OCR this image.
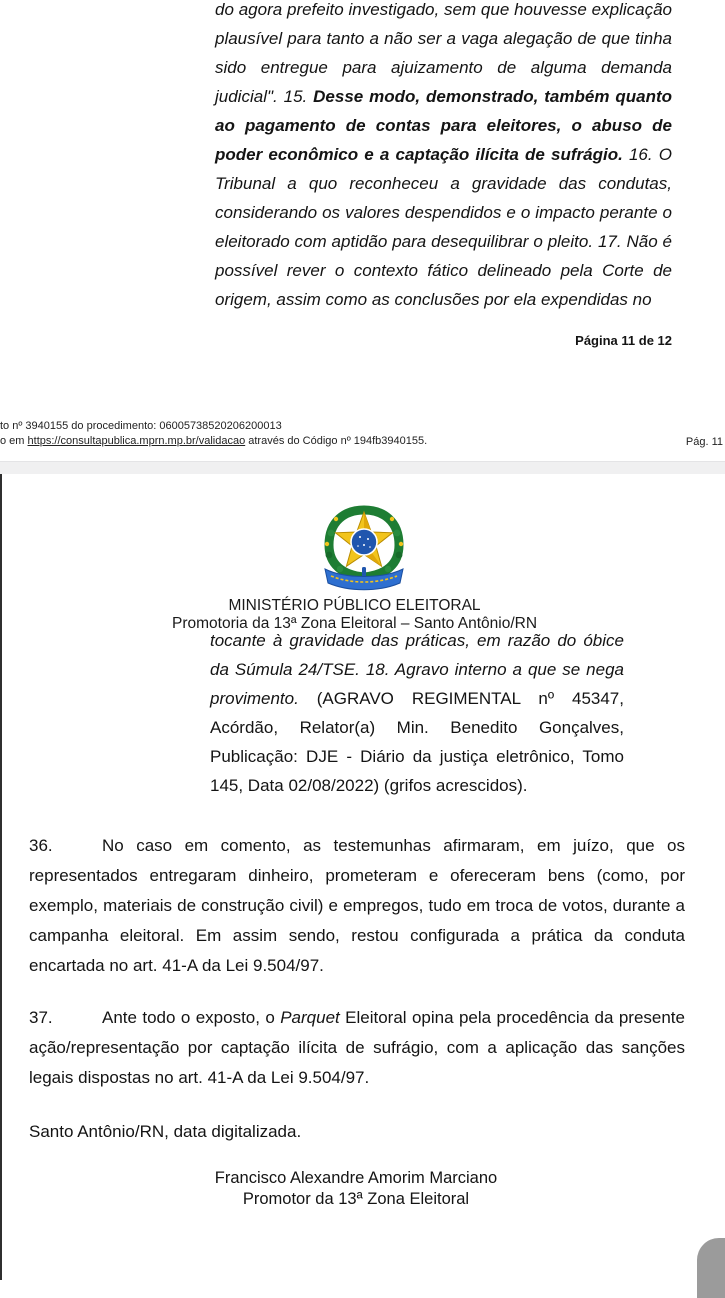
do agora prefeito investigado, sem que houvesse explicação plausível para tanto a não ser a vaga alegação de que tinha sido entregue para ajuizamento de alguma demanda judicial". 15. Desse modo, demonstrado, também quanto ao pagamento de contas para eleitores, o abuso de poder econômico e a captação ilícita de sufrágio. 16. O Tribunal a quo reconheceu a gravidade das condutas, considerando os valores despendidos e o impacto perante o eleitorado com aptidão para desequilibrar o pleito. 17. Não é possível rever o contexto fático delineado pela Corte de origem, assim como as conclusões por ela expendidas no
Página 11 de 12
to nº 3940155 do procedimento: 06005738520206200013
o em https://consultapublica.mprn.mp.br/validacao através do Código nº 194fb3940155.	Pág. 11
MINISTÉRIO PÚBLICO ELEITORAL
Promotoria da 13ª Zona Eleitoral – Santo Antônio/RN
tocante à gravidade das práticas, em razão do óbice da Súmula 24/TSE. 18. Agravo interno a que se nega provimento. (AGRAVO REGIMENTAL nº 45347, Acórdão, Relator(a) Min. Benedito Gonçalves, Publicação: DJE - Diário da justiça eletrônico, Tomo 145, Data 02/08/2022) (grifos acrescidos).
36.	No caso em comento, as testemunhas afirmaram, em juízo, que os representados entregaram dinheiro, prometeram e ofereceram bens (como, por exemplo, materiais de construção civil) e empregos, tudo em troca de votos, durante a campanha eleitoral. Em assim sendo, restou configurada a prática da conduta encartada no art. 41-A da Lei 9.504/97.
37.	Ante todo o exposto, o Parquet Eleitoral opina pela procedência da presente ação/representação por captação ilícita de sufrágio, com a aplicação das sanções legais dispostas no art. 41-A da Lei 9.504/97.
Santo Antônio/RN, data digitalizada.
Francisco Alexandre Amorim Marciano
Promotor da 13ª Zona Eleitoral
